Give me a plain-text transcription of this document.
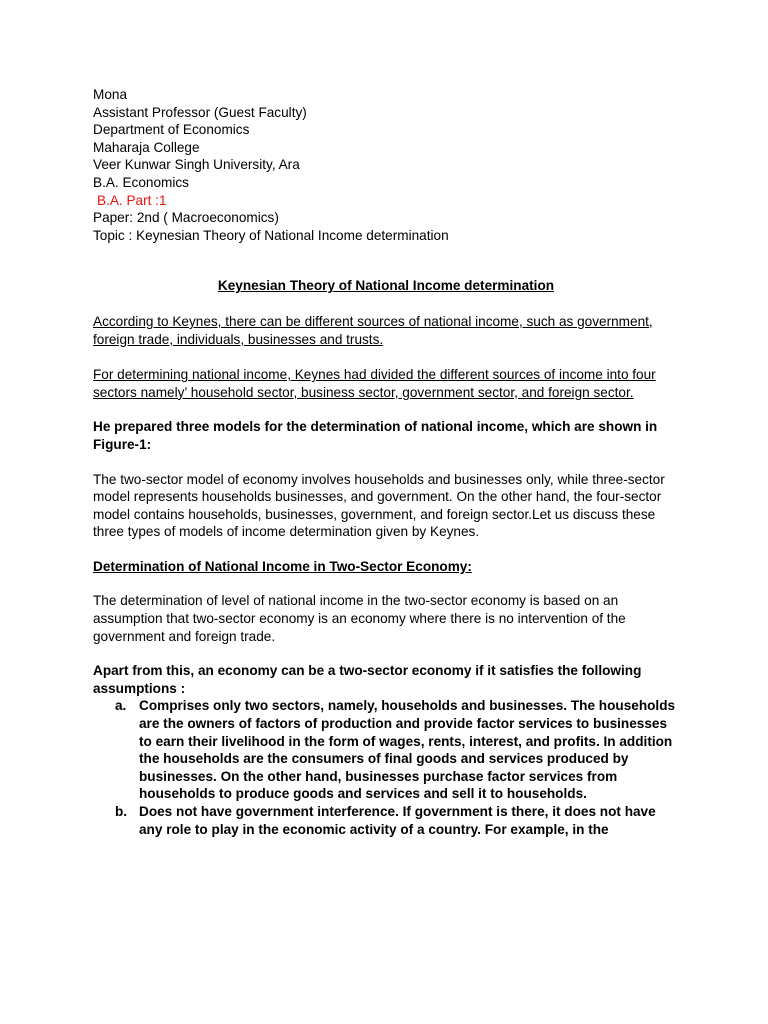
Mona

Assistant Professor (Guest Faculty)

Department of Economics

Maharaja College

Veer Kunwar Singh University, Ara

B.A. Economics

B.A. Part :1

Paper: 2nd ( Macroeconomics)

Topic : Keynesian Theory of National Income determination

Keynesian Theory of National Income determination

According to Keynes, there can be different sources of national income, such as government, foreign trade, individuals, businesses and trusts.

For determining national income, Keynes had divided the different sources of income into four sectors namely’ household sector, business sector, government sector, and foreign sector.

He prepared three models for the determination of national income, which are shown in Figure-1:

The two-sector model of economy involves households and businesses only, while three-sector model represents households businesses, and government. On the other hand, the four-sector model contains households, businesses, government, and foreign sector.Let us discuss these three types of models of income determination given by Keynes.

Determination of National Income in Two-Sector Economy:

The determination of level of national income in the two-sector economy is based on an assumption that two-sector economy is an economy where there is no intervention of the government and foreign trade.

Apart from this, an economy can be a two-sector economy if it satisfies the following assumptions :

a. Comprises only two sectors, namely, households and businesses. The households are the owners of factors of production and provide factor services to businesses to earn their livelihood in the form of wages, rents, interest, and profits. In addition the households are the consumers of final goods and services produced by businesses. On the other hand, businesses purchase factor services from households to produce goods and services and sell it to households.
b. Does not have government interference. If government is there, it does not have any role to play in the economic activity of a country. For example, in the
